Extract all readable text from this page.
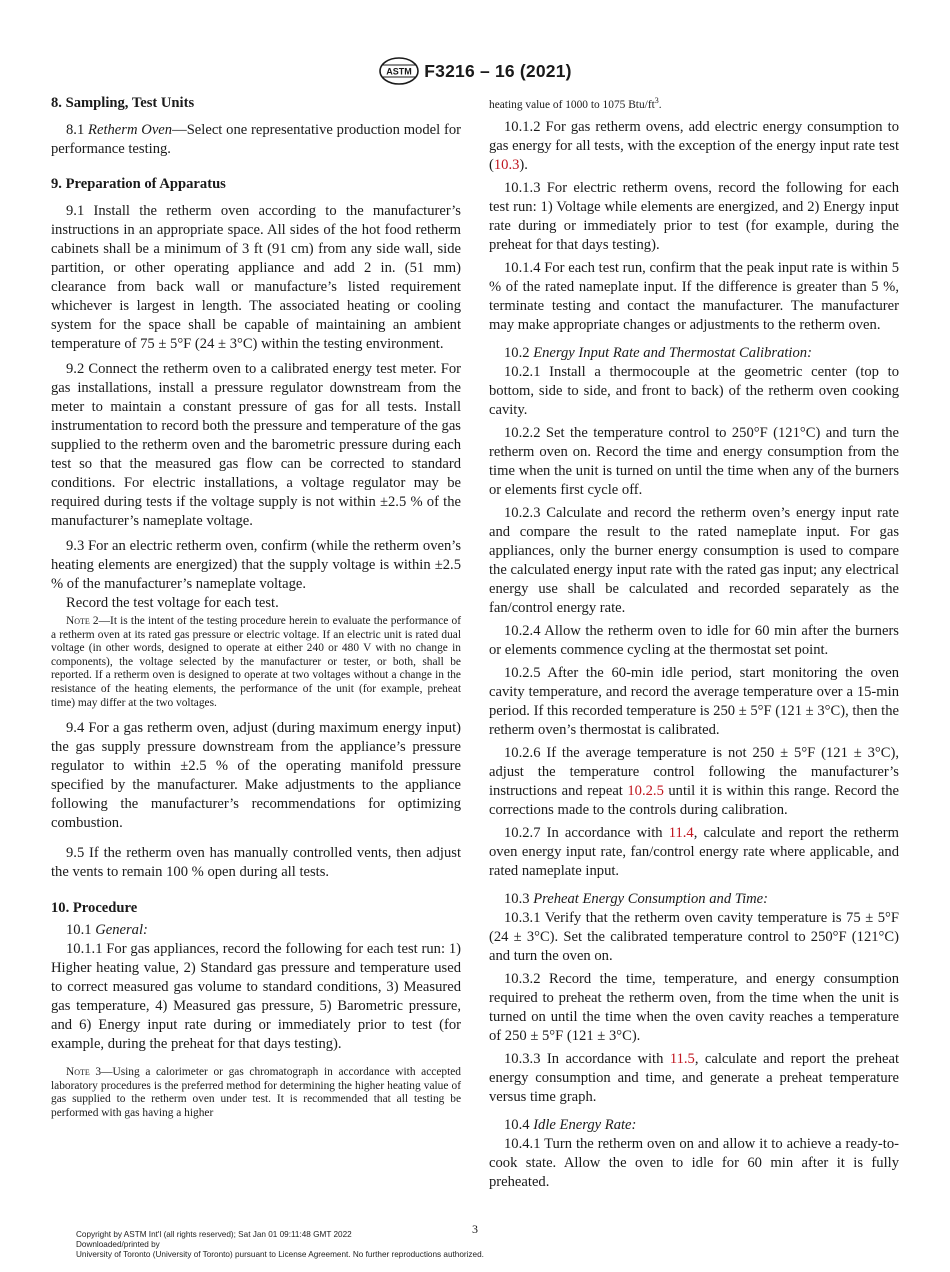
ASTM F3216 – 16 (2021)

8. Sampling, Test Units

8.1 Retherm Oven—Select one representative production model for performance testing.

9. Preparation of Apparatus

9.1 Install the retherm oven according to the manufacturer’s instructions in an appropriate space. All sides of the hot food retherm cabinets shall be a minimum of 3 ft (91 cm) from any side wall, side partition, or other operating appliance and add 2 in. (51 mm) clearance from back wall or manufacture’s listed requirement whichever is largest in length. The associated heating or cooling system for the space shall be capable of maintaining an ambient temperature of 75 ± 5°F (24 ± 3°C) within the testing environment.

9.2 Connect the retherm oven to a calibrated energy test meter. For gas installations, install a pressure regulator downstream from the meter to maintain a constant pressure of gas for all tests. Install instrumentation to record both the pressure and temperature of the gas supplied to the retherm oven and the barometric pressure during each test so that the measured gas flow can be corrected to standard conditions. For electric installations, a voltage regulator may be required during tests if the voltage supply is not within ±2.5 % of the manufacturer’s nameplate voltage.

9.3 For an electric retherm oven, confirm (while the retherm oven’s heating elements are energized) that the supply voltage is within ±2.5 % of the manufacturer’s nameplate voltage.

Record the test voltage for each test.

Note 2—It is the intent of the testing procedure herein to evaluate the performance of a retherm oven at its rated gas pressure or electric voltage. If an electric unit is rated dual voltage (in other words, designed to operate at either 240 or 480 V with no change in components), the voltage selected by the manufacturer or tester, or both, shall be reported. If a retherm oven is designed to operate at two voltages without a change in the resistance of the heating elements, the performance of the unit (for example, preheat time) may differ at the two voltages.

9.4 For a gas retherm oven, adjust (during maximum energy input) the gas supply pressure downstream from the appliance’s pressure regulator to within ±2.5 % of the operating manifold pressure specified by the manufacturer. Make adjustments to the appliance following the manufacturer’s recommendations for optimizing combustion.

9.5 If the retherm oven has manually controlled vents, then adjust the vents to remain 100 % open during all tests.

10. Procedure

10.1 General:

10.1.1 For gas appliances, record the following for each test run: 1) Higher heating value, 2) Standard gas pressure and temperature used to correct measured gas volume to standard conditions, 3) Measured gas temperature, 4) Measured gas pressure, 5) Barometric pressure, and 6) Energy input rate during or immediately prior to test (for example, during the preheat for that days testing).

Note 3—Using a calorimeter or gas chromatograph in accordance with accepted laboratory procedures is the preferred method for determining the higher heating value of gas supplied to the retherm oven under test. It is recommended that all testing be performed with gas having a higher

heating value of 1000 to 1075 Btu/$ft^3$.

10.1.2 For gas retherm ovens, add electric energy consumption to gas energy for all tests, with the exception of the energy input rate test (10.3).

10.1.3 For electric retherm ovens, record the following for each test run: 1) Voltage while elements are energized, and 2) Energy input rate during or immediately prior to test (for example, during the preheat for that days testing).

10.1.4 For each test run, confirm that the peak input rate is within 5 % of the rated nameplate input. If the difference is greater than 5 %, terminate testing and contact the manufacturer. The manufacturer may make appropriate changes or adjustments to the retherm oven.

10.2 Energy Input Rate and Thermostat Calibration:

10.2.1 Install a thermocouple at the geometric center (top to bottom, side to side, and front to back) of the retherm oven cooking cavity.

10.2.2 Set the temperature control to 250°F (121°C) and turn the retherm oven on. Record the time and energy consumption from the time when the unit is turned on until the time when any of the burners or elements first cycle off.

10.2.3 Calculate and record the retherm oven’s energy input rate and compare the result to the rated nameplate input. For gas appliances, only the burner energy consumption is used to compare the calculated energy input rate with the rated gas input; any electrical energy use shall be calculated and recorded separately as the fan/control energy rate.

10.2.4 Allow the retherm oven to idle for 60 min after the burners or elements commence cycling at the thermostat set point.

10.2.5 After the 60-min idle period, start monitoring the oven cavity temperature, and record the average temperature over a 15-min period. If this recorded temperature is 250 ± 5°F (121 ± 3°C), then the retherm oven’s thermostat is calibrated.

10.2.6 If the average temperature is not 250 ± 5°F (121 ± 3°C), adjust the temperature control following the manufacturer’s instructions and repeat 10.2.5 until it is within this range. Record the corrections made to the controls during calibration.

10.2.7 In accordance with 11.4, calculate and report the retherm oven energy input rate, fan/control energy rate where applicable, and rated nameplate input.

10.3 Preheat Energy Consumption and Time:

10.3.1 Verify that the retherm oven cavity temperature is 75 ± 5°F (24 ± 3°C). Set the calibrated temperature control to 250°F (121°C) and turn the oven on.

10.3.2 Record the time, temperature, and energy consumption required to preheat the retherm oven, from the time when the unit is turned on until the time when the oven cavity reaches a temperature of 250 ± 5°F (121 ± 3°C).

10.3.3 In accordance with 11.5, calculate and report the preheat energy consumption and time, and generate a preheat temperature versus time graph.

10.4 Idle Energy Rate:

10.4.1 Turn the retherm oven on and allow it to achieve a ready-to-cook state. Allow the oven to idle for 60 min after it is fully preheated.

3
Copyright by ASTM Int'l (all rights reserved); Sat Jan 01 09:11:48 GMT 2022
Downloaded/printed by
University of Toronto (University of Toronto) pursuant to License Agreement. No further reproductions authorized.
